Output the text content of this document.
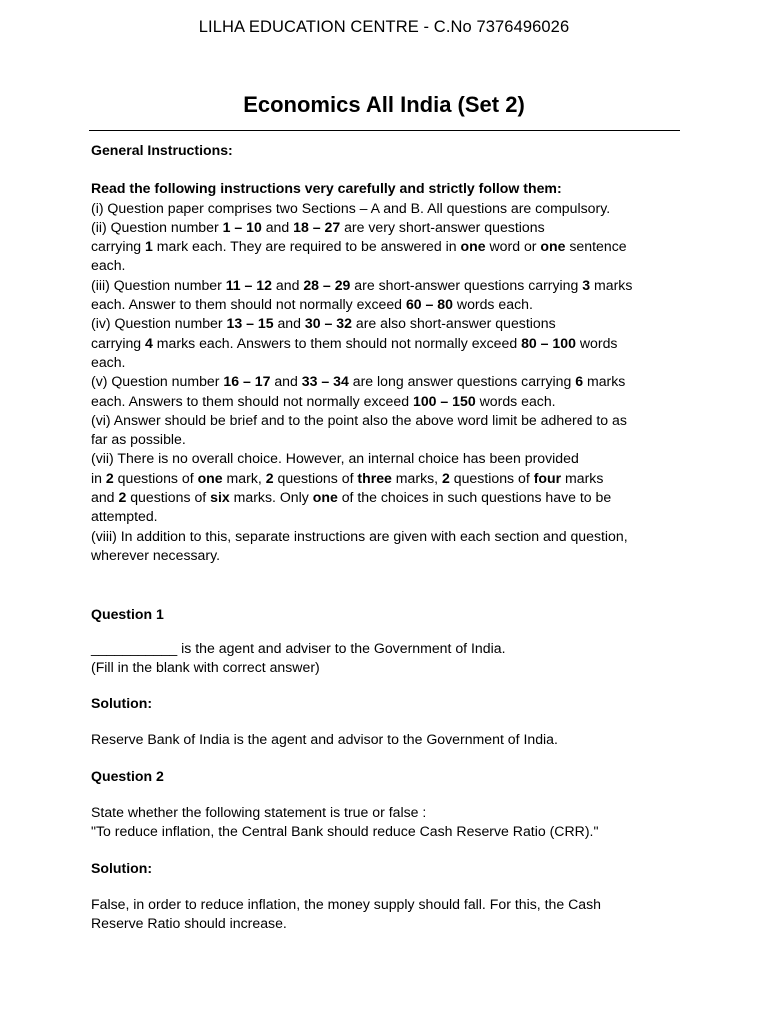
LILHA EDUCATION CENTRE - C.No 7376496026
Economics All India (Set 2)
General Instructions:
Read the following instructions very carefully and strictly follow them:
(i) Question paper comprises two Sections – A and B. All questions are compulsory.
(ii) Question number 1 – 10 and 18 – 27 are very short-answer questions
carrying 1 mark each. They are required to be answered in one word or one sentence
each.
(iii) Question number 11 – 12 and 28 – 29 are short-answer questions carrying 3 marks
each. Answer to them should not normally exceed 60 – 80 words each.
(iv) Question number 13 – 15 and 30 – 32 are also short-answer questions
carrying 4 marks each. Answers to them should not normally exceed 80 – 100 words
each.
(v) Question number 16 – 17 and 33 – 34 are long answer questions carrying 6 marks
each. Answers to them should not normally exceed 100 – 150 words each.
(vi) Answer should be brief and to the point also the above word limit be adhered to as
far as possible.
(vii) There is no overall choice. However, an internal choice has been provided
in 2 questions of one mark, 2 questions of three marks, 2 questions of four marks
and 2 questions of six marks. Only one of the choices in such questions have to be
attempted.
(viii) In addition to this, separate instructions are given with each section and question,
wherever necessary.
Question 1
___________ is the agent and adviser to the Government of India.
(Fill in the blank with correct answer)
Solution:
Reserve Bank of India is the agent and advisor to the Government of India.
Question 2
State whether the following statement is true or false :
"To reduce inflation, the Central Bank should reduce Cash Reserve Ratio (CRR)."
Solution:
False, in order to reduce inflation, the money supply should fall. For this, the Cash
Reserve Ratio should increase.
